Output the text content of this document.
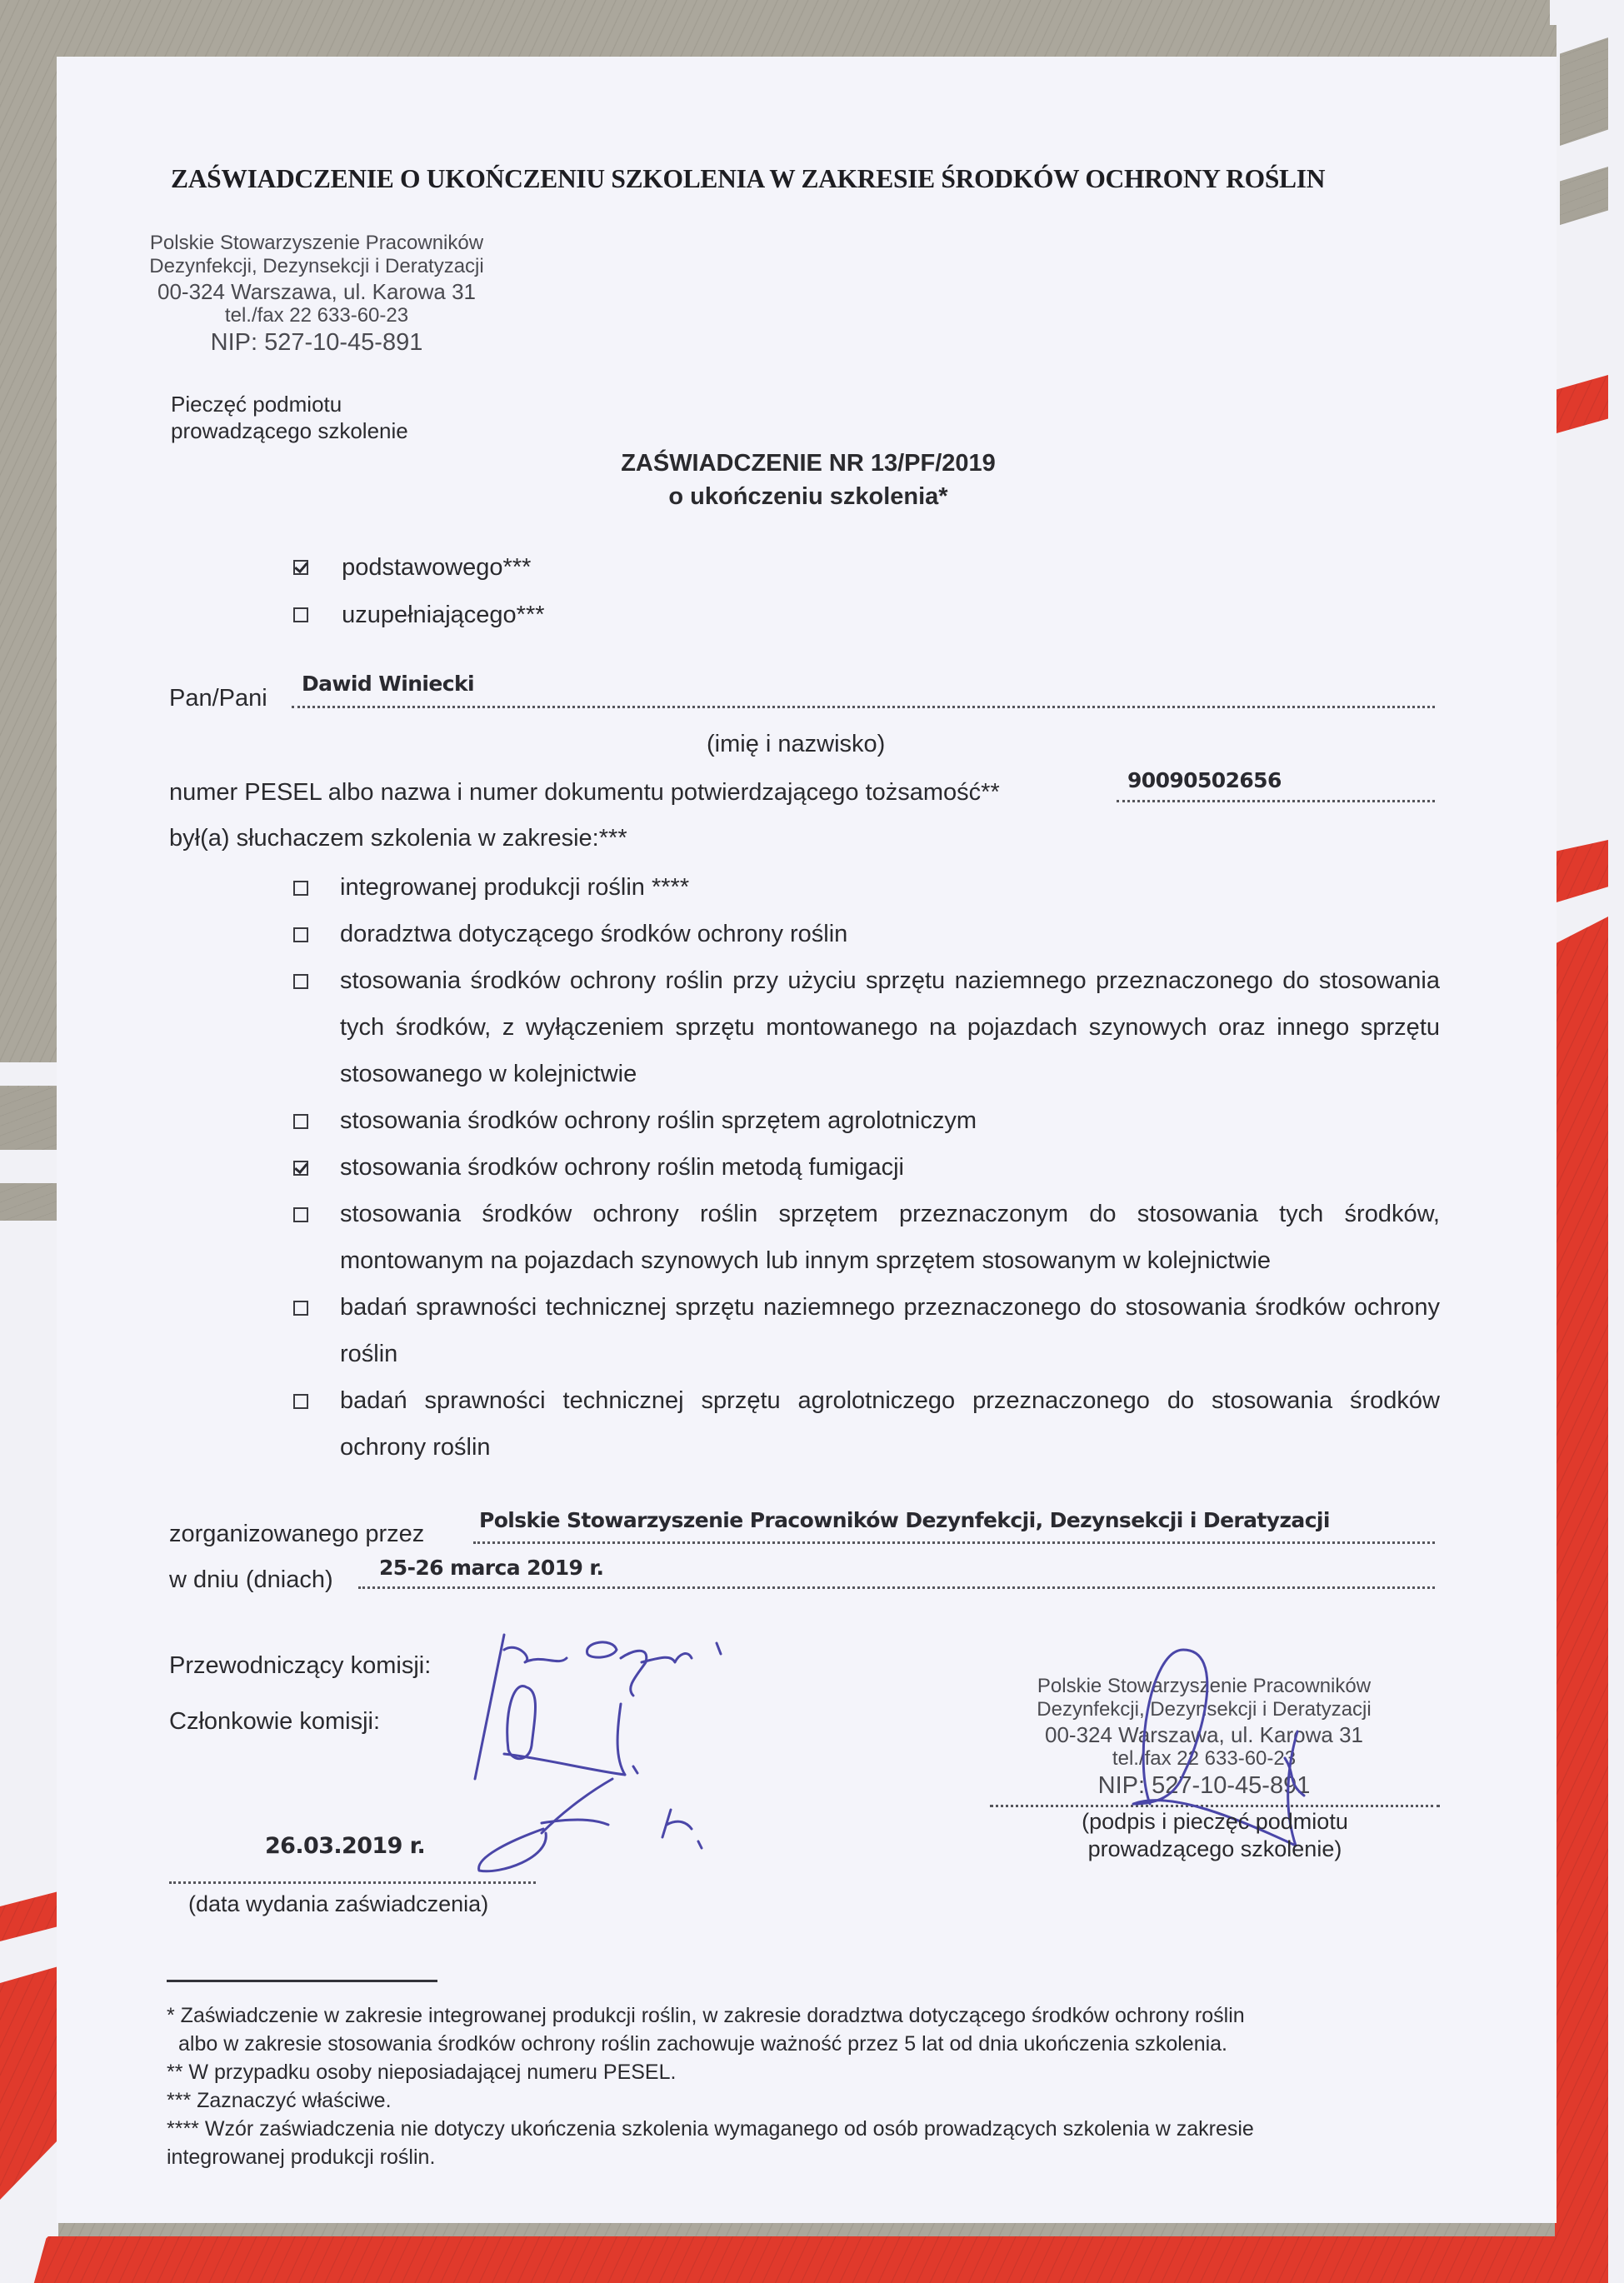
ZAŚWIADCZENIE O UKOŃCZENIU SZKOLENIA W ZAKRESIE ŚRODKÓW OCHRONY ROŚLIN
Polskie Stowarzyszenie Pracowników
Dezynfekcji, Dezynsekcji i Deratyzacji
00-324 Warszawa, ul. Karowa 31
tel./fax 22 633-60-23
NIP: 527-10-45-891
Pieczęć podmiotu
prowadzącego szkolenie
ZAŚWIADCZENIE NR 13/PF/2019
o ukończeniu szkolenia*
podstawowego***
uzupełniającego***
Pan/Pani
Dawid Winiecki
(imię i nazwisko)
numer PESEL albo nazwa i numer dokumentu potwierdzającego tożsamość**	90090502656
był(a) słuchaczem szkolenia w zakresie:***
integrowanej produkcji roślin ****
doradztwa dotyczącego środków ochrony roślin
stosowania środków ochrony roślin przy użyciu sprzętu naziemnego przeznaczonego do stosowania tych środków, z wyłączeniem sprzętu montowanego na pojazdach szynowych oraz innego sprzętu stosowanego w kolejnictwie
stosowania środków ochrony roślin sprzętem agrolotniczym
stosowania środków ochrony roślin metodą fumigacji
stosowania środków ochrony roślin sprzętem przeznaczonym do stosowania tych środków, montowanym na pojazdach szynowych lub innym sprzętem stosowanym w kolejnictwie
badań sprawności technicznej sprzętu naziemnego przeznaczonego do stosowania środków ochrony roślin
badań sprawności technicznej sprzętu agrolotniczego przeznaczonego do stosowania środków ochrony roślin
zorganizowanego przez
Polskie Stowarzyszenie Pracowników Dezynfekcji, Dezynsekcji i Deratyzacji
w dniu (dniach) 25-26 marca 2019 r.
Przewodniczący komisji:
Członkowie komisji:
26.03.2019 r.
(data wydania zaświadczenia)
Polskie Stowarzyszenie Pracowników
Dezynfekcji, Dezynsekcji i Deratyzacji
00-324 Warszawa, ul. Karowa 31
tel./fax 22 633-60-23
NIP: 527-10-45-891
(podpis i pieczęć podmiotu
prowadzącego szkolenie)
* Zaświadczenie w zakresie integrowanej produkcji roślin, w zakresie doradztwa dotyczącego środków ochrony roślin
albo w zakresie stosowania środków ochrony roślin zachowuje ważność przez 5 lat od dnia ukończenia szkolenia.
** W przypadku osoby nieposiadającej numeru PESEL.
*** Zaznaczyć właściwe.
**** Wzór zaświadczenia nie dotyczy ukończenia szkolenia wymaganego od osób prowadzących szkolenia w zakresie
integrowanej produkcji roślin.
